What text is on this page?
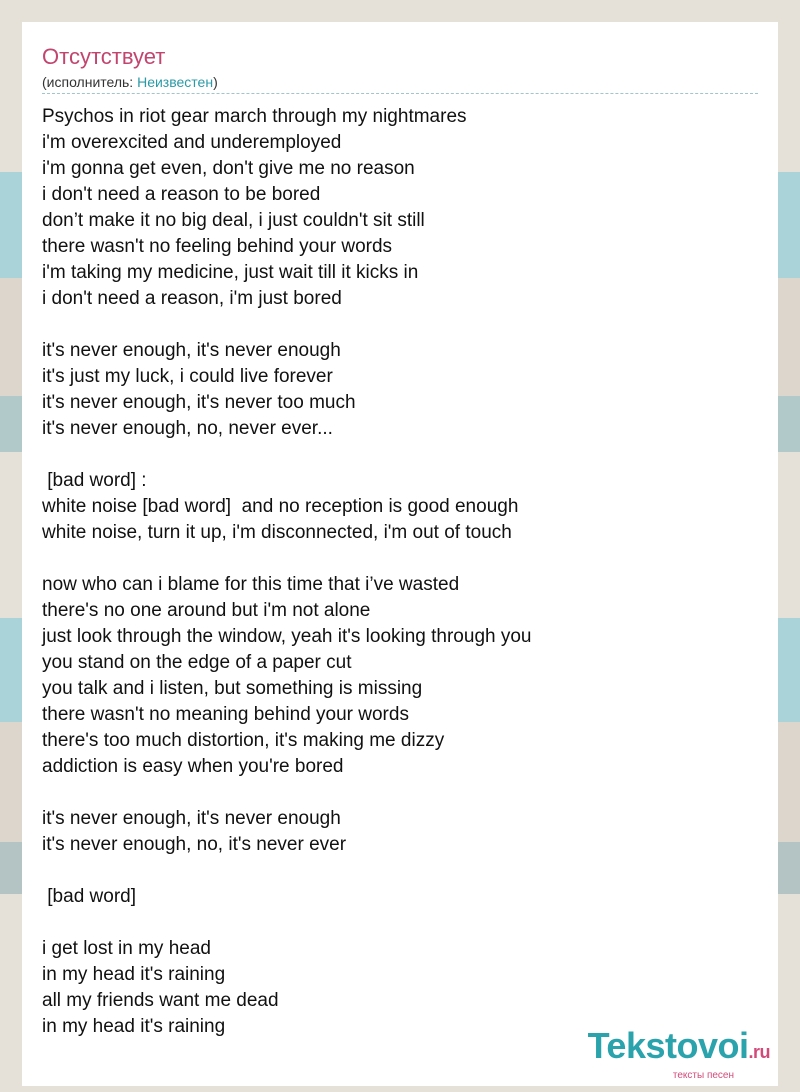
Отсутствует
(исполнитель: Неизвестен)
Psychos in riot gear march through my nightmares
i'm overexcited and underemployed
i'm gonna get even, don't give me no reason
i don't need a reason to be bored
don’t make it no big deal, i just couldn't sit still
there wasn't no feeling behind your words
i'm taking my medicine, just wait till it kicks in
i don't need a reason, i'm just bored
it's never enough, it's never enough
it's just my luck, i could live forever
it's never enough, it's never too much
it's never enough, no, never ever...
[bad word] :
white noise [bad word]  and no reception is good enough
white noise, turn it up, i'm disconnected, i'm out of touch
now who can i blame for this time that i’ve wasted
there's no one around but i'm not alone
just look through the window, yeah it's looking through you
you stand on the edge of a paper cut
you talk and i listen, but something is missing
there wasn't no meaning behind your words
there's too much distortion, it's making me dizzy
addiction is easy when you're bored
it's never enough, it's never enough
it's never enough, no, it's never ever
[bad word]
i get lost in my head
in my head it's raining
all my friends want me dead
in my head it's raining	Tekstovoi.ru
тексты песен
